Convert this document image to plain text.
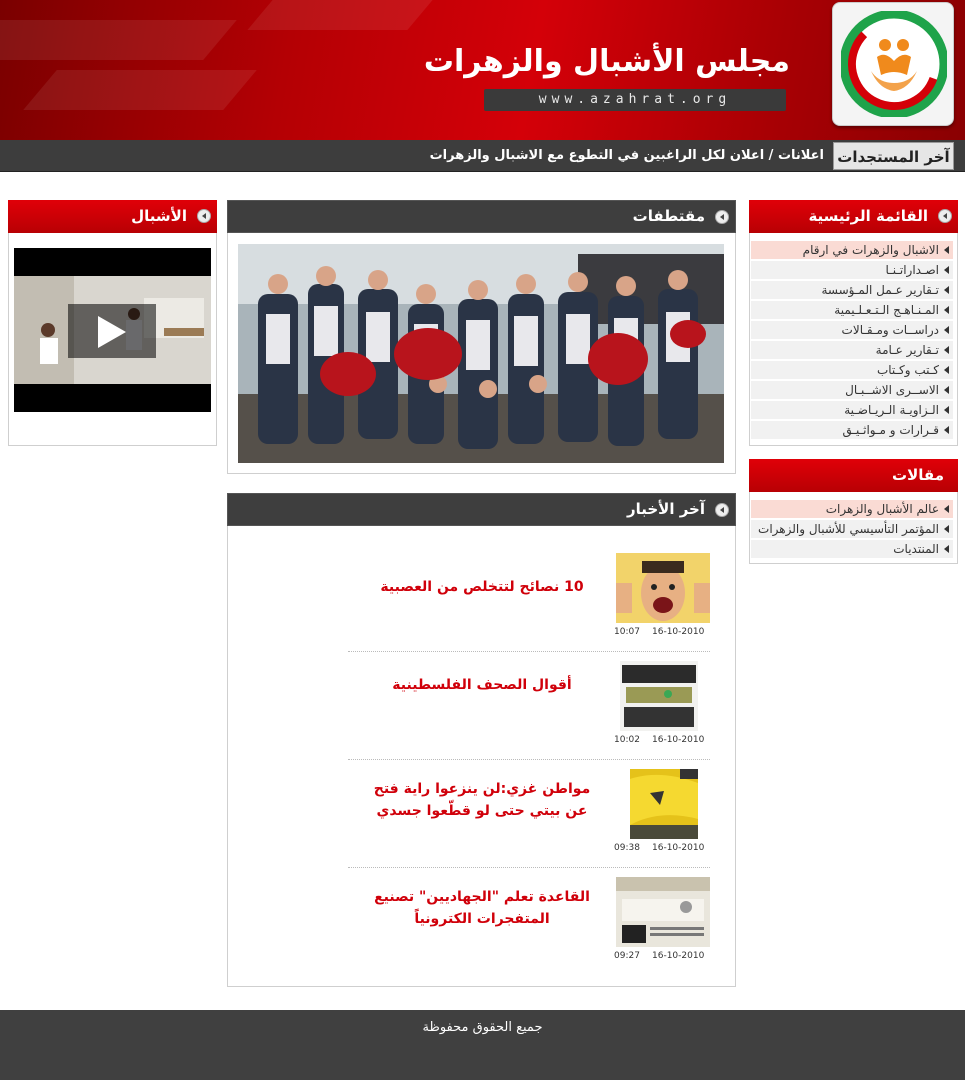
مجلس الأشبال والزهرات
www.azahrat.org
آخر المستجدات
اعلانات / اعلان لكل الراغبين في التطوع مع الاشبال والزهرات
القائمة الرئيسية
الاشبال والزهرات في ارقام
اصـداراتـنـا
تـقارير عـمل المـؤسسة
المـنـاهـج الـتـعـلـيمية
دراســات ومـقـالات
تـقارير عـامة
كـتب وكـتاب
الاســرى الاشــبـال
الـزاويـة الـريـاضـية
قـرارات و مـواثـيـق
مقالات
عالم الأشبال والزهرات
المؤتمر التأسيسي للأشبال والزهرات
المنتديات
مقتطفات
آخر الأخبار
10 نصائح لتتخلص من العصبية
16-10-2010
10:07
أقوال الصحف الفلسطينية
16-10-2010
10:02
مواطن غزي:لن ينزعوا راية فتح عن بيتي حتى لو قطّعوا جسدي
16-10-2010
09:38
القاعدة تعلم "الجهاديين" تصنيع المتفجرات الكترونياً
16-10-2010
09:27
الأشبال
جميع الحقوق محفوظة
